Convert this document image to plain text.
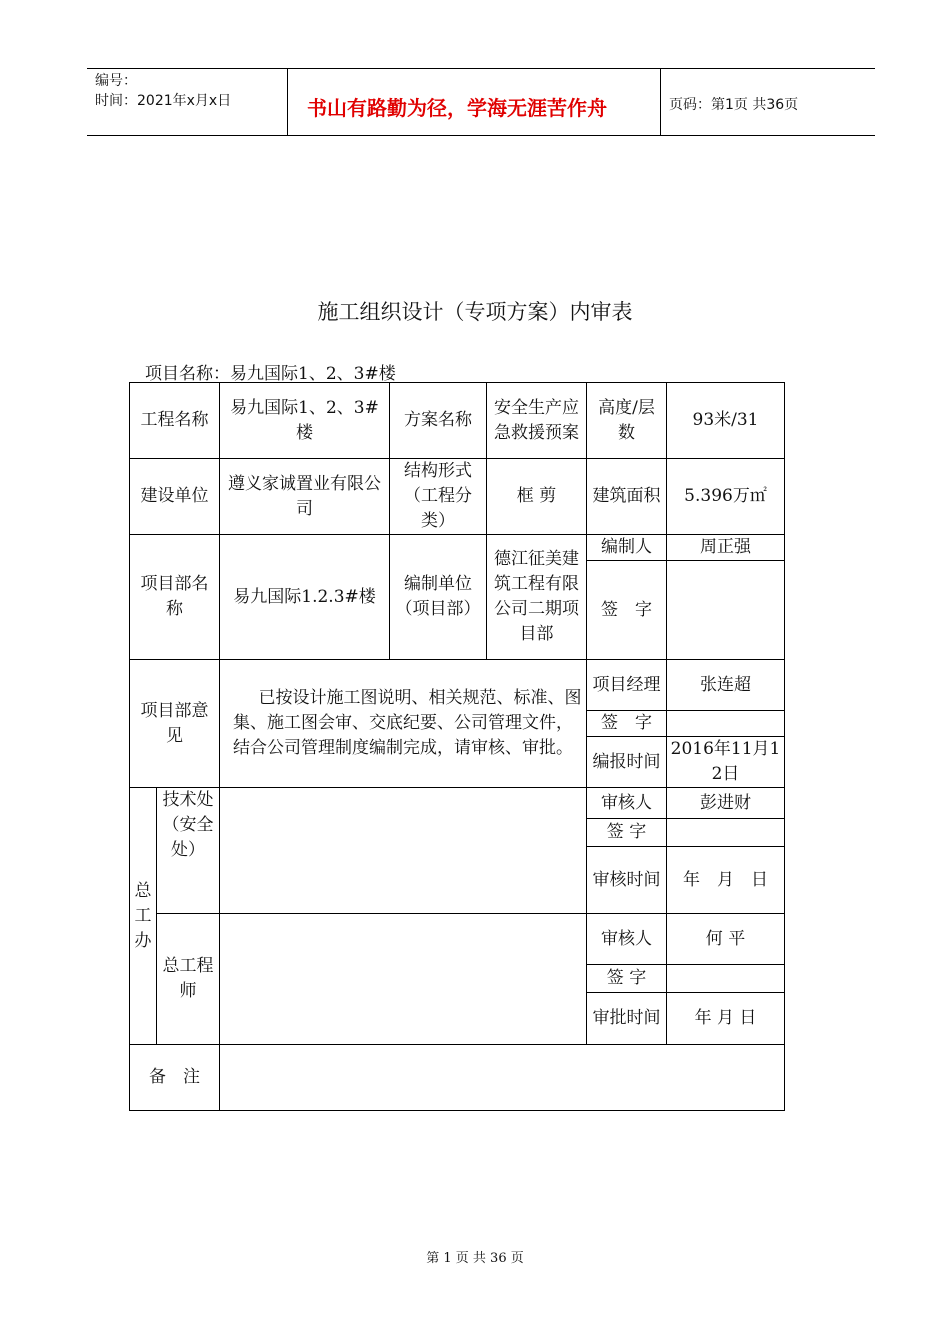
编号：
时间：2021年x月x日	书山有路勤为径，学海无涯苦作舟	页码：第1页 共36页
施工组织设计（专项方案）内审表
项目名称：易九国际1、2、3#楼
工程名称		易九国际1、2、3#楼	方案名称	安全生产应急救援预案	高度/层数	93米/31
建设单位		遵义家诚置业有限公司	结构形式（工程分类）	框 剪	建筑面积	5.396万㎡
项目部名称		易九国际1.2.3#楼	编制单位（项目部）	德江征美建筑工程有限公司二期项目部	编制人	周正强
					签　字	
项目部意见		已按设计施工图说明、相关规范、标准、图集、施工图会审、交底纪要、公司管理文件， 结合公司管理制度编制完成，请审核、审批。			项目经理	张连超
					签　字	
					编报时间	2016年11月12日
总工办	技术处（安全处）				审核人	彭进财
					签 字	
					审核时间	年　月　日
	总工程师				审核人	何 平
					签 字	
					审批时间	年 月 日
备　注						
第 1 页 共 36 页
